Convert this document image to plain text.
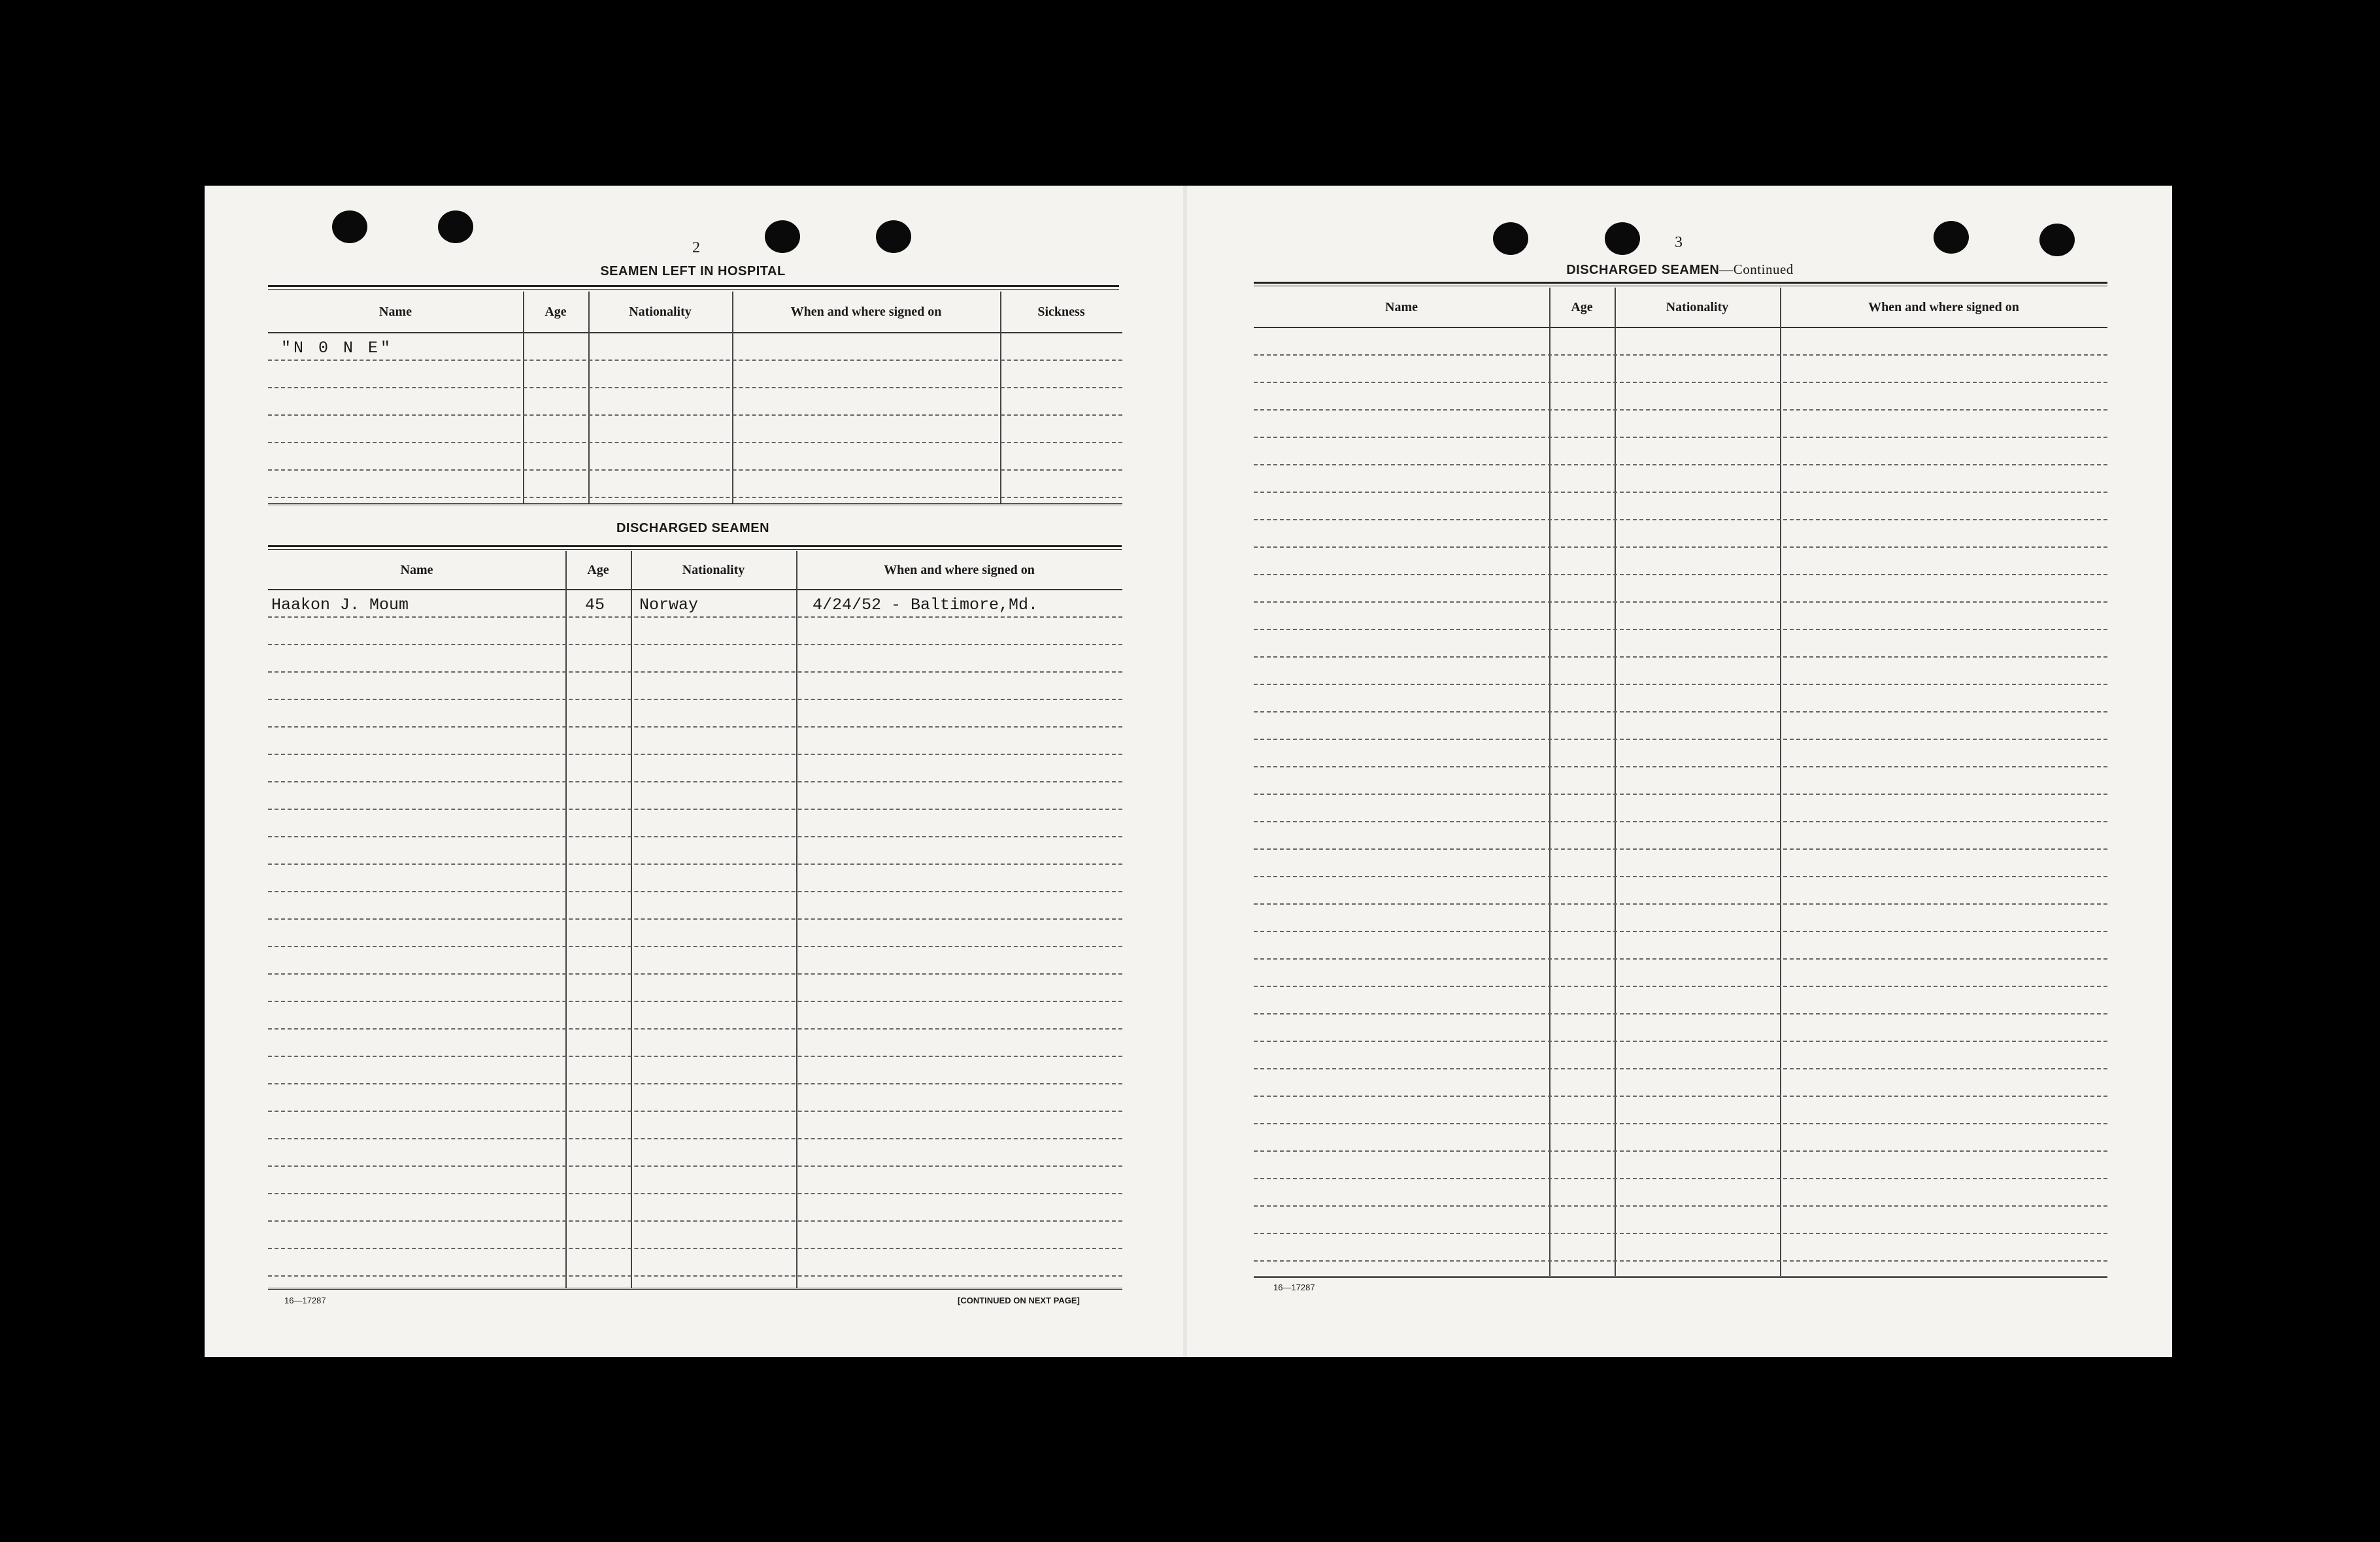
2
SEAMEN LEFT IN HOSPITAL
Name	Age	Nationality	When and where signed on	Sickness
"N 0 N E"
DISCHARGED SEAMEN
Name	Age	Nationality	When and where signed on
Haakon J. Moum	45 Norway	4/24/52 - Baltimore,Md.
16—17287	[CONTINUED ON NEXT PAGE]
3
DISCHARGED SEAMEN—Continued
Name	Age	Nationality	When and where signed on
16—17287
